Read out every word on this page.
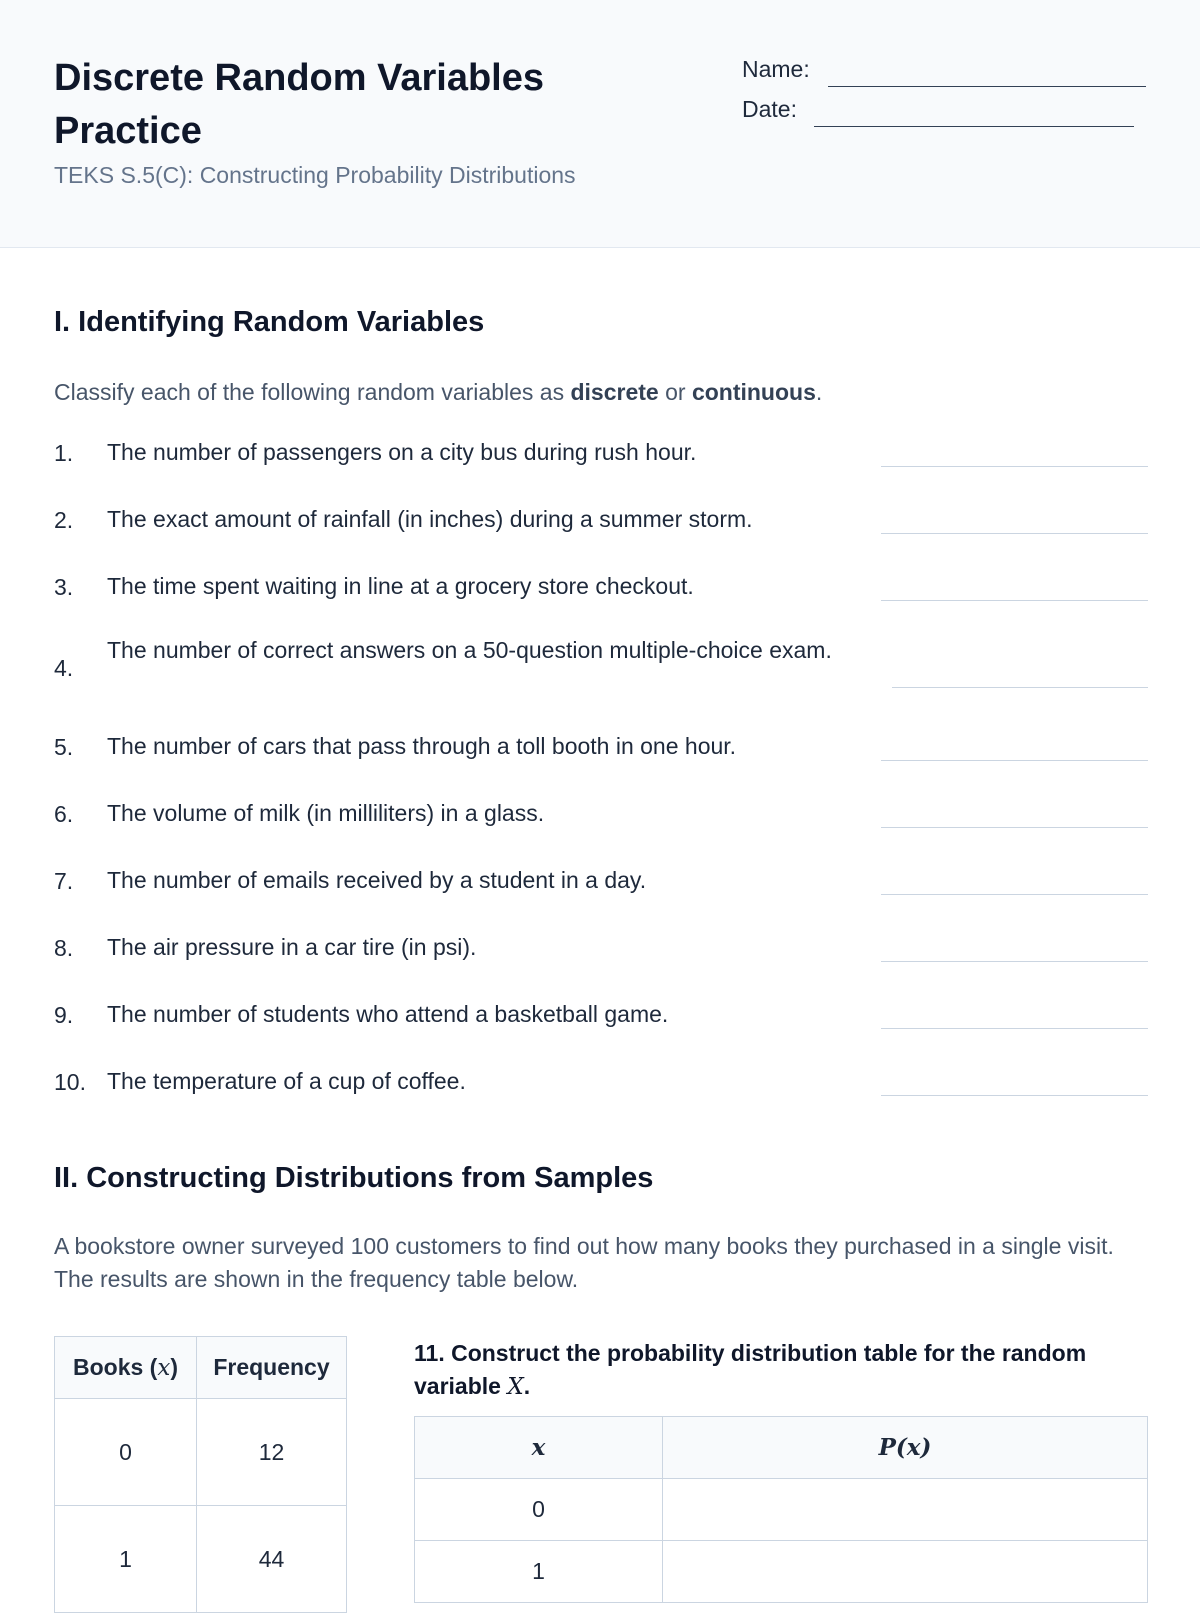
Discrete Random Variables Practice
TEKS S.5(C): Constructing Probability Distributions
Name:
Date:
I. Identifying Random Variables
Classify each of the following random variables as discrete or continuous.
1. The number of passengers on a city bus during rush hour.
2. The exact amount of rainfall (in inches) during a summer storm.
3. The time spent waiting in line at a grocery store checkout.
4.
The number of correct answers on a 50-question multiple-choice exam.
5. The number of cars that pass through a toll booth in one hour.
6. The volume of milk (in milliliters) in a glass.
7. The number of emails received by a student in a day.
8. The air pressure in a car tire (in psi).
9. The number of students who attend a basketball game.
10. The temperature of a cup of coffee.
II. Constructing Distributions from Samples
A bookstore owner surveyed 100 customers to find out how many books they purchased in a single visit. The results are shown in the frequency table below.
Books (x)	Frequency
0	12
1	44
11. Construct the probability distribution table for the random variable X.
x	P(x)
0	
1	
